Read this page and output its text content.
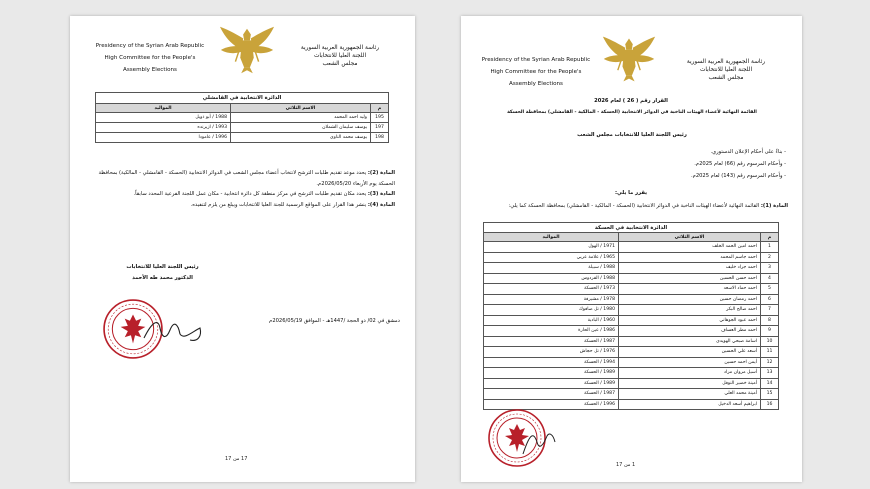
Presidency of the Syrian Arab Republic
High Committee for the People's
Assembly Elections
رئاسة الجمهورية العربية السورية
اللجنة العليا للانتخابات
مجلس الشعب
الدائرة الانتخابية في القامشلي		
م	الاسم الثلاثي	المواليد
195	وليد احمد المحمد	1988 / أبو ذويل
197	يوسف سليمان الشملان	1993 / ازيرنده
198	يوسف محمد الناوي	1996 / عامودا

المادة (2): يحدد موعد تقديم طلبات الترشح لانتخاب أعضاء مجلس الشعب في الدوائر الانتخابية (الحسكة - القامشلي - المالكية) بمحافظة الحسكة يوم الأربعاء 2026/05/20م.

المادة (3): يحدد مكان تقديم طلبات الترشح في مركز منطقة كل دائرة انتخابية - مكان عمل اللجنة الفرعية المحدد سابقاً.

المادة (4): ينشر هذا القرار على المواقع الرسمية للجنة العليا للانتخابات ويبلغ من يلزم لتنفيذه.

رئيس اللجنة العليا للانتخابات
الدكتور محمد طه الأحمد
دمشق في 02/ ذو الحجة /1447هـ - الموافق 2026/05/19م
17 من 17
Presidency of the Syrian Arab Republic
High Committee for the People's
Assembly Elections
رئاسة الجمهورية العربية السورية
اللجنة العليا للانتخابات
مجلس الشعب
القرار رقم ( 26 ) لعام 2026
القائمة النهائية لأعضاء الهيئات الناخبة في الدوائر الانتخابية (الحسكة - المالكية - القامشلي) بمحافظة الحسكة
رئيس اللجنة العليا للانتخابات مجلس الشعب
- بناءً على أحكام الإعلان الدستوري.
- وأحكام المرسوم رقم (66) لعام 2025م.
- وأحكام المرسوم رقم (143) لعام 2025م.
يقرر ما يلي:
المادة (1): القائمة النهائية لأعضاء الهيئات الناخبة في الدوائر الانتخابية (الحسكة - المالكية - القامشلي) بمحافظة الحسكة كما يلي:
الدائرة الانتخابية في الحسكة		
م	الاسم الثلاثي	المواليد
1	احمد امين الحمد الخلف	1971 / الهول
2	احمد جاسم المحمد	1965 / علامة عربي
3	احمد جراد خليف	1988 / سبيلة
4	احمد حسن الحسين	1988 / الفردوس
5	احمد حماد الاسعد	1973 / الحسكة
6	احمد رمضان حسين	1978 / مشيرفة
7	احمد صالح البكر	1980 / تل صافوك
8	احمد عبود الجوهاني	1960 / البادية
9	احمد مطر العساف	1986 / عين الحارة
10	اسامة صبحي الهويدي	1987 / الحسكة
11	أسعد علي الحسين	1976 / تل حجاش
12	أيمن احمد حسين	1994 / الحسكة
13	أسيل مروان مراد	1989 / الحسكة
14	أمينة خضير النوفل	1989 / الحسكة
15	أمينة محمد العلي	1987 / الحسكة
16	ابراهيم أسعد الدخيل	1996 / الحسكة
1 من 17
